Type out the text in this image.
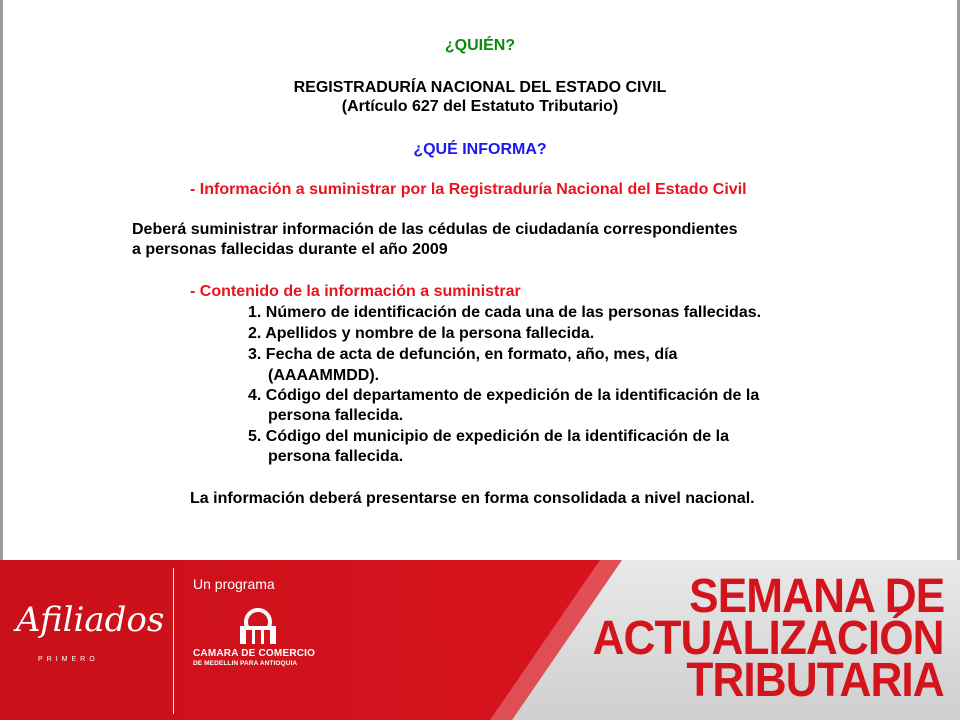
¿QUIÉN?
REGISTRADURÍA NACIONAL DEL ESTADO CIVIL
(Artículo 627 del Estatuto Tributario)
¿QUÉ INFORMA?
- Información a suministrar por la Registraduría Nacional del Estado Civil
Deberá suministrar información de las cédulas de ciudadanía correspondientes
a personas fallecidas durante el año 2009
- Contenido de la información a suministrar
1. Número de identificación de cada una de las personas fallecidas.
2. Apellidos y nombre de la persona fallecida.
3. Fecha de acta de defunción, en formato, año, mes, día
(AAAAMMDD).
4. Código del departamento de expedición de la identificación de la
persona fallecida.
5. Código del municipio de expedición de la identificación de la
persona fallecida.
La información deberá presentarse en forma consolidada a nivel nacional.
Afiliados
PRIMERO
Un programa
CAMARA DE COMERCIO
DE MEDELLIN PARA ANTIOQUIA
SEMANA DE
ACTUALIZACIÓN
TRIBUTARIA
